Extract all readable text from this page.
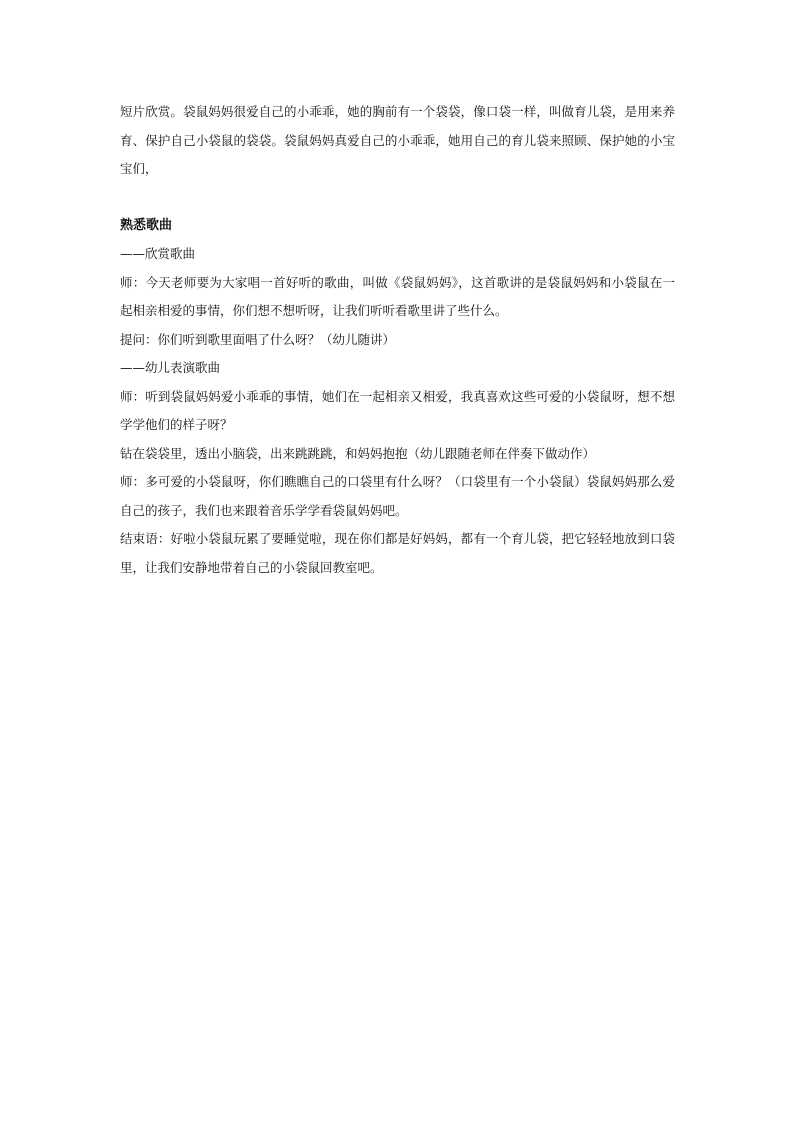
短片欣赏。袋鼠妈妈很爱自己的小乖乖，她的胸前有一个袋袋，像口袋一样，叫做育儿袋，是用来养育、保护自己小袋鼠的袋袋。袋鼠妈妈真爱自己的小乖乖，她用自己的育儿袋来照顾、保护她的小宝宝们，

熟悉歌曲

——欣赏歌曲

师：今天老师要为大家唱一首好听的歌曲，叫做《袋鼠妈妈》，这首歌讲的是袋鼠妈妈和小袋鼠在一起相亲相爱的事情，你们想不想听呀，让我们听听看歌里讲了些什么。

提问：你们听到歌里面唱了什么呀？（幼儿随讲）

——幼儿表演歌曲

师：听到袋鼠妈妈爱小乖乖的事情，她们在一起相亲又相爱，我真喜欢这些可爱的小袋鼠呀，想不想学学他们的样子呀？

钻在袋袋里，透出小脑袋，出来跳跳跳，和妈妈抱抱（幼儿跟随老师在伴奏下做动作）

师：多可爱的小袋鼠呀，你们瞧瞧自己的口袋里有什么呀？（口袋里有一个小袋鼠）袋鼠妈妈那么爱自己的孩子，我们也来跟着音乐学学看袋鼠妈妈吧。

结束语：好啦小袋鼠玩累了要睡觉啦，现在你们都是好妈妈，都有一个育儿袋，把它轻轻地放到口袋里，让我们安静地带着自己的小袋鼠回教室吧。
